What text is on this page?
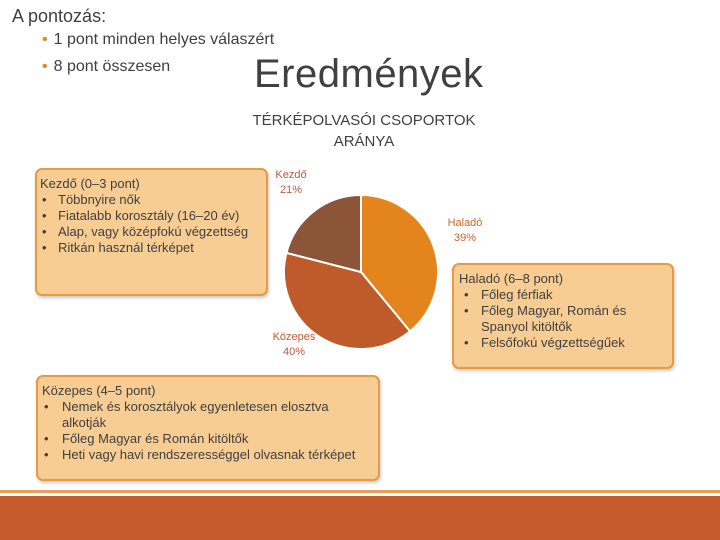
A pontozás:
• 1 pont minden helyes válaszért
• 8 pont összesen Eredmények
TÉRKÉPOLVASÓI CSOPORTOK
ARÁNYA
Kezdő
21%
Haladó
39%
Közepes
40%
Kezdő (0–3 pont)
• Többnyire nők
• Fiatalabb korosztály (16–20 év)
• Alap, vagy középfokú végzettség
• Ritkán használ térképet
Haladó (6–8 pont)
• Főleg férfiak
• Főleg Magyar, Román és Spanyol kitöltők
• Felsőfokú végzettségűek
Közepes (4–5 pont)
•	Nemek és korosztályok egyenletesen elosztva alkotják
•	Főleg Magyar és Román kitöltők
•	Heti vagy havi rendszerességgel olvasnak térképet
